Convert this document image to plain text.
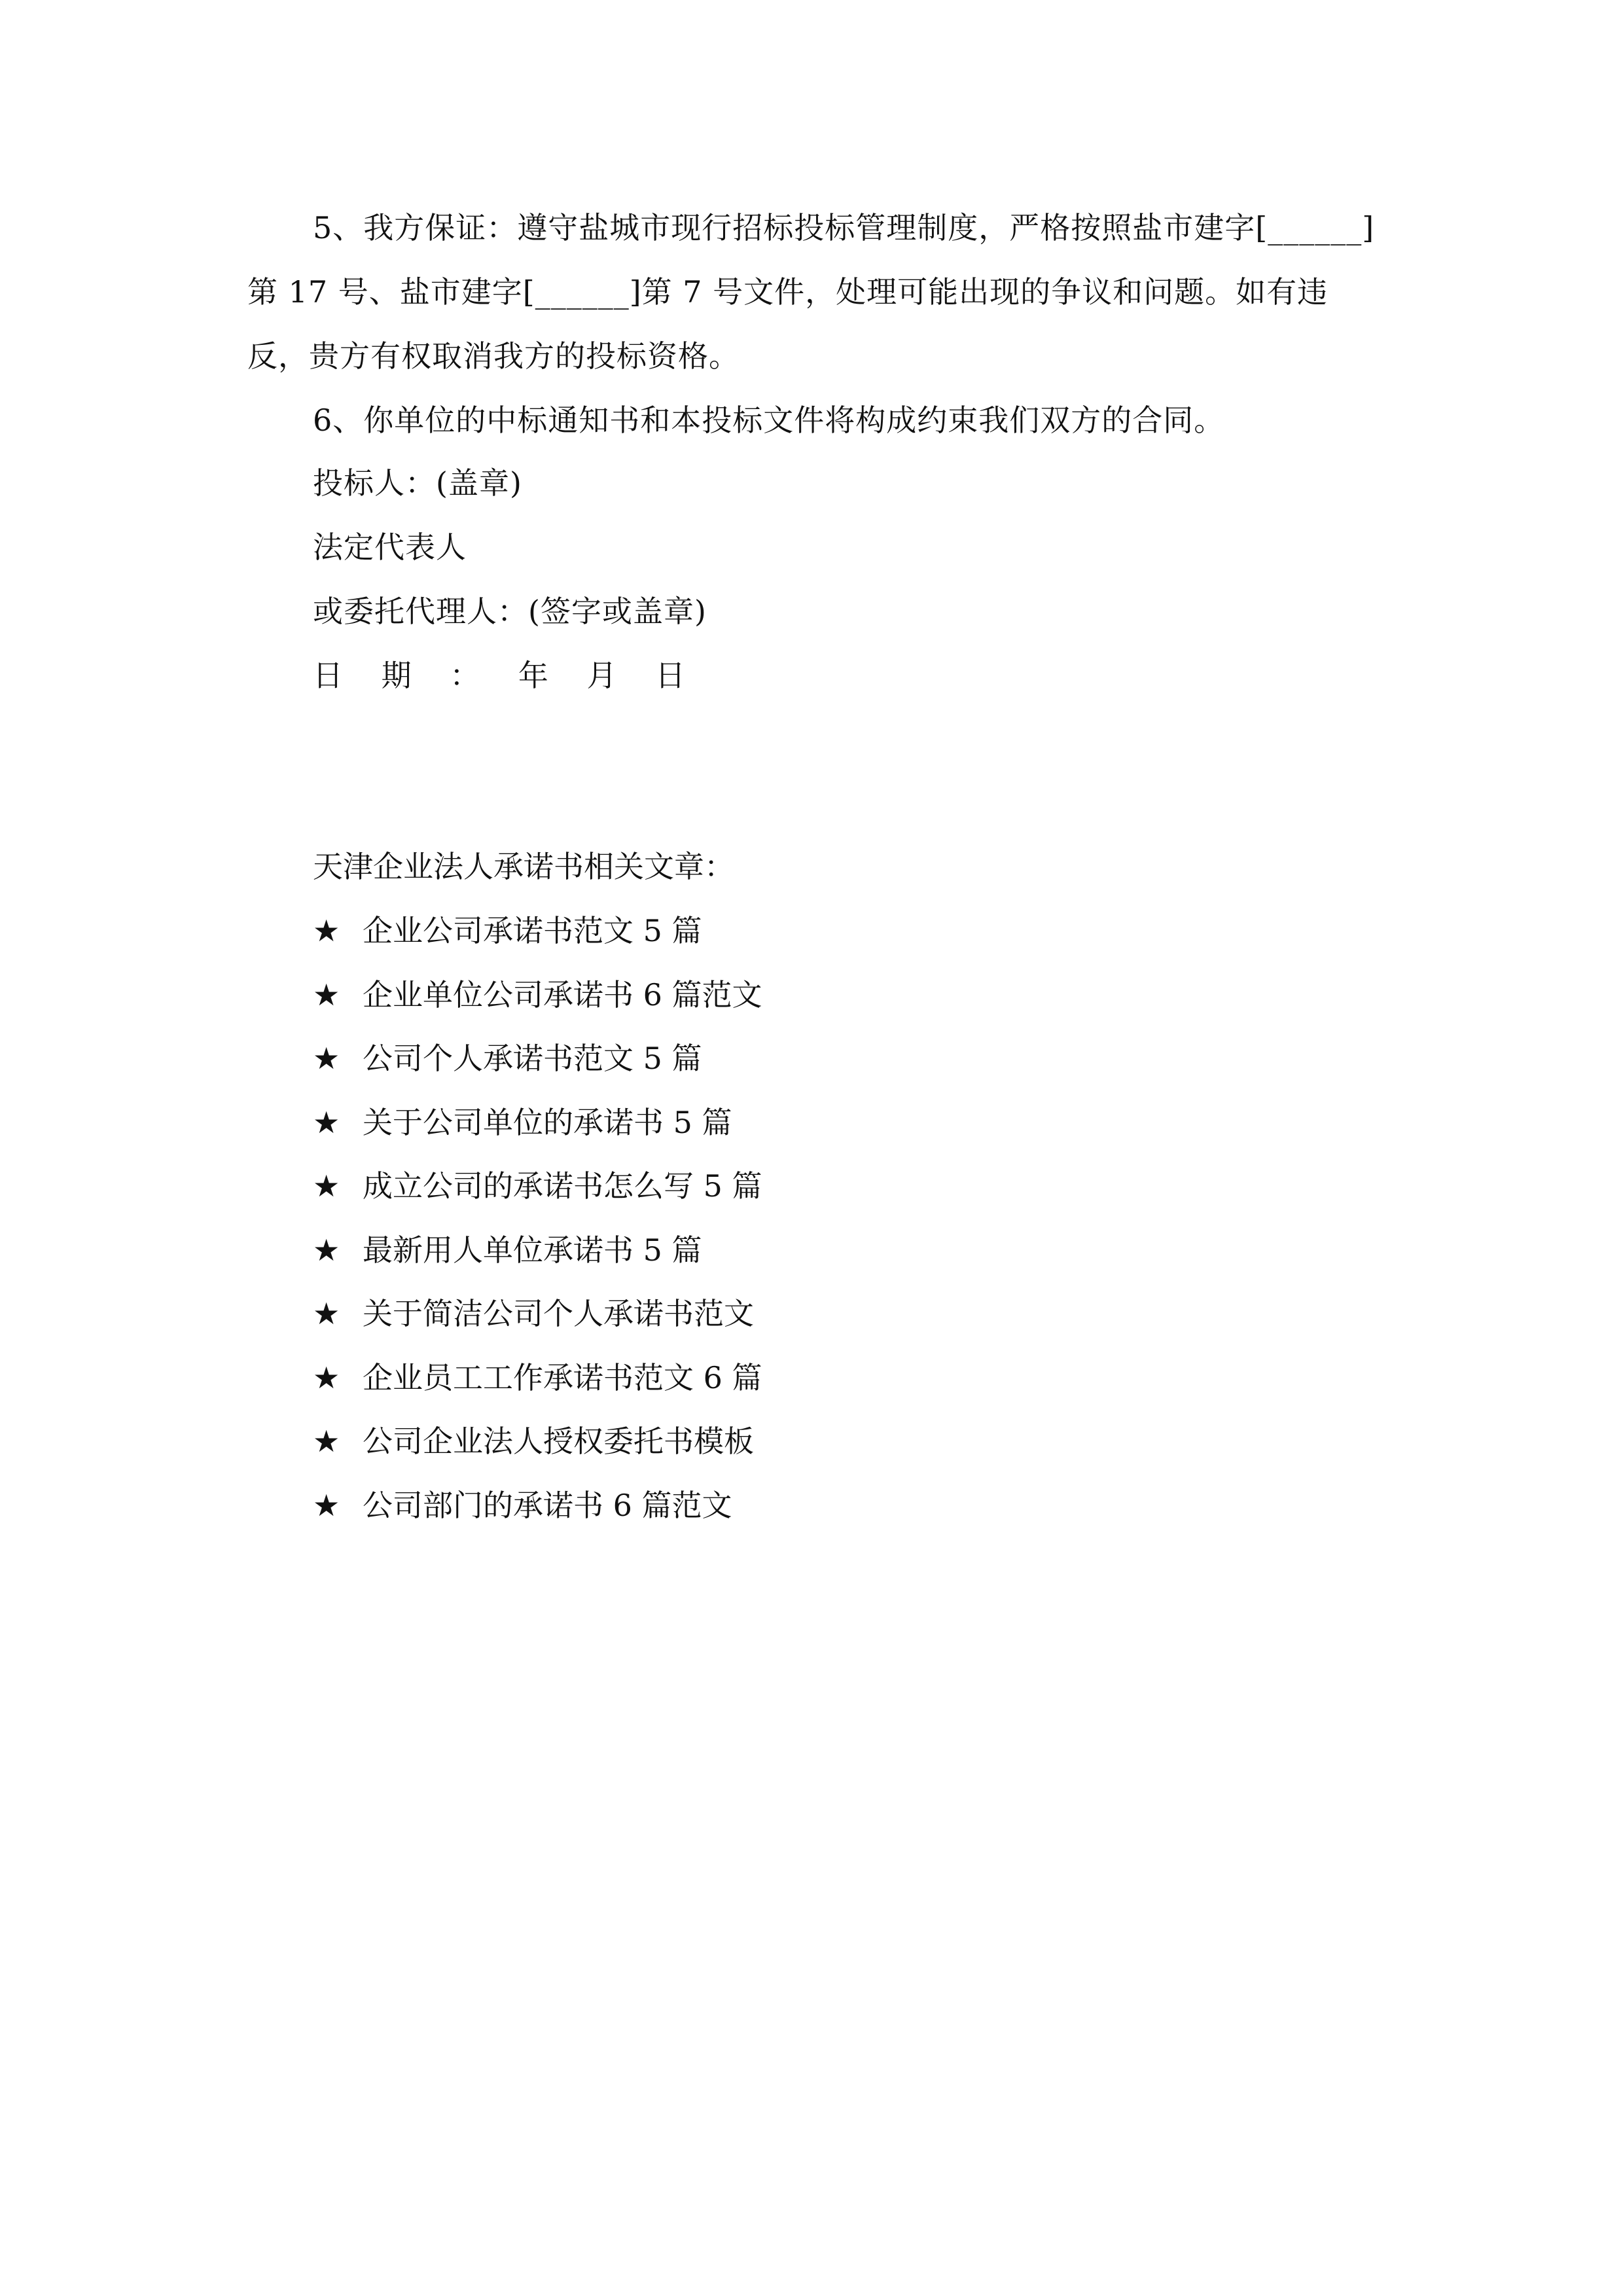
5、我方保证：遵守盐城市现行招标投标管理制度，严格按照盐市建字[______]
第 17 号、盐市建字[______]第 7 号文件，处理可能出现的争议和问题。如有违
反，贵方有权取消我方的投标资格。
6、你单位的中标通知书和本投标文件将构成约束我们双方的合同。
投标人：(盖章)
法定代表人
或委托代理人：(签字或盖章)
日 期 ： 年 月 日
天津企业法人承诺书相关文章：
★ 企业公司承诺书范文 5 篇
★ 企业单位公司承诺书 6 篇范文
★ 公司个人承诺书范文 5 篇
★ 关于公司单位的承诺书 5 篇
★ 成立公司的承诺书怎么写 5 篇
★ 最新用人单位承诺书 5 篇
★ 关于简洁公司个人承诺书范文
★ 企业员工工作承诺书范文 6 篇
★ 公司企业法人授权委托书模板
★ 公司部门的承诺书 6 篇范文
